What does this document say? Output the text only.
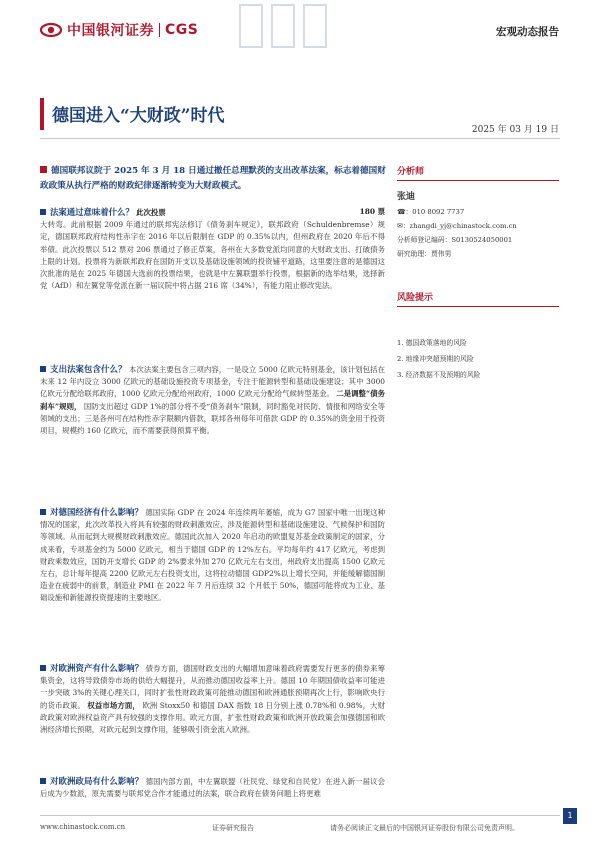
中国银河证券 CGS	宏观动态报告
德国进入“大财政”时代
2025 年 03 月 19 日
德国联邦议院于 2025 年 3 月 18 日通过撤任总理默茨的支出改革法案，标志着德国财政政策从执行严格的财政纪律逐渐转变为大财政模式。
法案通过意味着什么？ 此次投票	180 票

大转弯。此前根据 2009 年通过的联邦宪法修订《债务刹车规定》，联邦政府（Schuldenbremse）规定，德国联邦政府结构性赤字在 2016 年以后限制在 GDP 的 0.35%以内，但州政府在 2020 年后不得举债。此次投票以 512 票对 206 票通过了修正草案，各州在大多数党派均同意的大财政支出、打破债务上限的计划。投票将为新联邦政府在国防开支以及基础设施领域的投资铺平道路，这里要注意的是德国这次批准的是在 2025 年德国大选前的投票结果，也就是中左翼联盟举行投票，根据新的选举结果，选择新党（AfD）和左翼党等党派在新一届议院中将占据 216 席（34%），有能力阻止修改宪法。
支出法案包含什么？ 本次法案主要包含三项内容，一是设立 5000 亿欧元特别基金，该计划包括在未来 12 年内设立 3000 亿欧元的基础设施投资专项基金，专注于能源转型和基础设施建设；其中 3000 亿欧元分配给联邦政府，1000 亿欧元分配给州政府，1000 亿欧元分配给气候转型基金。 二是调整“债务刹车”规则， 国防支出超过 GDP 1%的部分将不受“债务刹车”限制，同时豁免对民防、情报和网络安全等领域的支出；三是各州可在结构性赤字限额内借款，联邦各州每年可借款 GDP 的 0.35%的资金用于投资项目，规模约 160 亿欧元，而不需要获得预算平衡。
对德国经济有什么影响？ 德国实际 GDP 在 2024 年连续两年萎缩，成为 G7 国家中唯一出现这种情况的国家，此次改革投入将具有较强的财政刺激效应，涉及能源转型和基础设施建设、气候保护和国防等领域。从而起到大规模财政刺激效应。德国此次加入 2020 年启动的欧盟复苏基金政策制定的国家，分成来看，专项基金约为 5000 亿欧元，相当于德国 GDP 的 12%左右。平均每年约 417 亿欧元，考虑到财政乘数效应，国防开支增长 GDP 的 2%要求外加 270 亿欧元左右支出，州政府支出提高 1500 亿欧元左右，总计每年提高 2200 亿欧元左右投资支出，这将拉动德国 GDP2%以上增长空间，并能缓解德国制造业在疲弱中的前景，制造业 PMI 在 2022 年 7 月后连续 32 个月低于 50%，德国可能将成为工业、基础设施和新能源投资提速的主要地区。
对欧洲资产有什么影响？ 债券方面，德国财政支出的大幅增加意味着政府需要发行更多的债券来筹集资金，这将导致债券市场的供给大幅提升，从而推动德国收益率上升。德国 10 年期国债收益率可能进一步突破 3%的关键心理关口，同时扩张性财政政策可能推动德国和欧洲通胀预期再次上行，影响欧央行的货币政策。 权益市场方面， 欧洲 Stoxx50 和德国 DAX 指数 18 日分别上涨 0.78%和 0.98%，大财政政策对欧洲权益资产具有较强的支撑作用。欧元方面，扩张性财政政策和欧洲开放政策会加强德国和欧洲经济增长预期，对欧元起到支撑作用，能够吸引资金流入欧洲。
对欧洲政局有什么影响？ 德国内部方面，中左翼联盟（社民党、绿党和自民党）在进入新一届议会后成为少数派，原先需要与联邦党合作才能通过的法案，联合政府在债务问题上将更难
分析师
张迪
☎：010 8092 7737
✉：zhangdi_yj@chinastock.com.cn
分析师登记编码：S0130524050001
研究助理：贾伟男
风险提示
1. 德国政策落地的风险
2. 地缘冲突超预期的风险
3. 经济数据不及预期的风险
www.chinastock.com.cn	证券研究报告	请务必阅读正文最后的中国银河证券股份有限公司免责声明。
1
